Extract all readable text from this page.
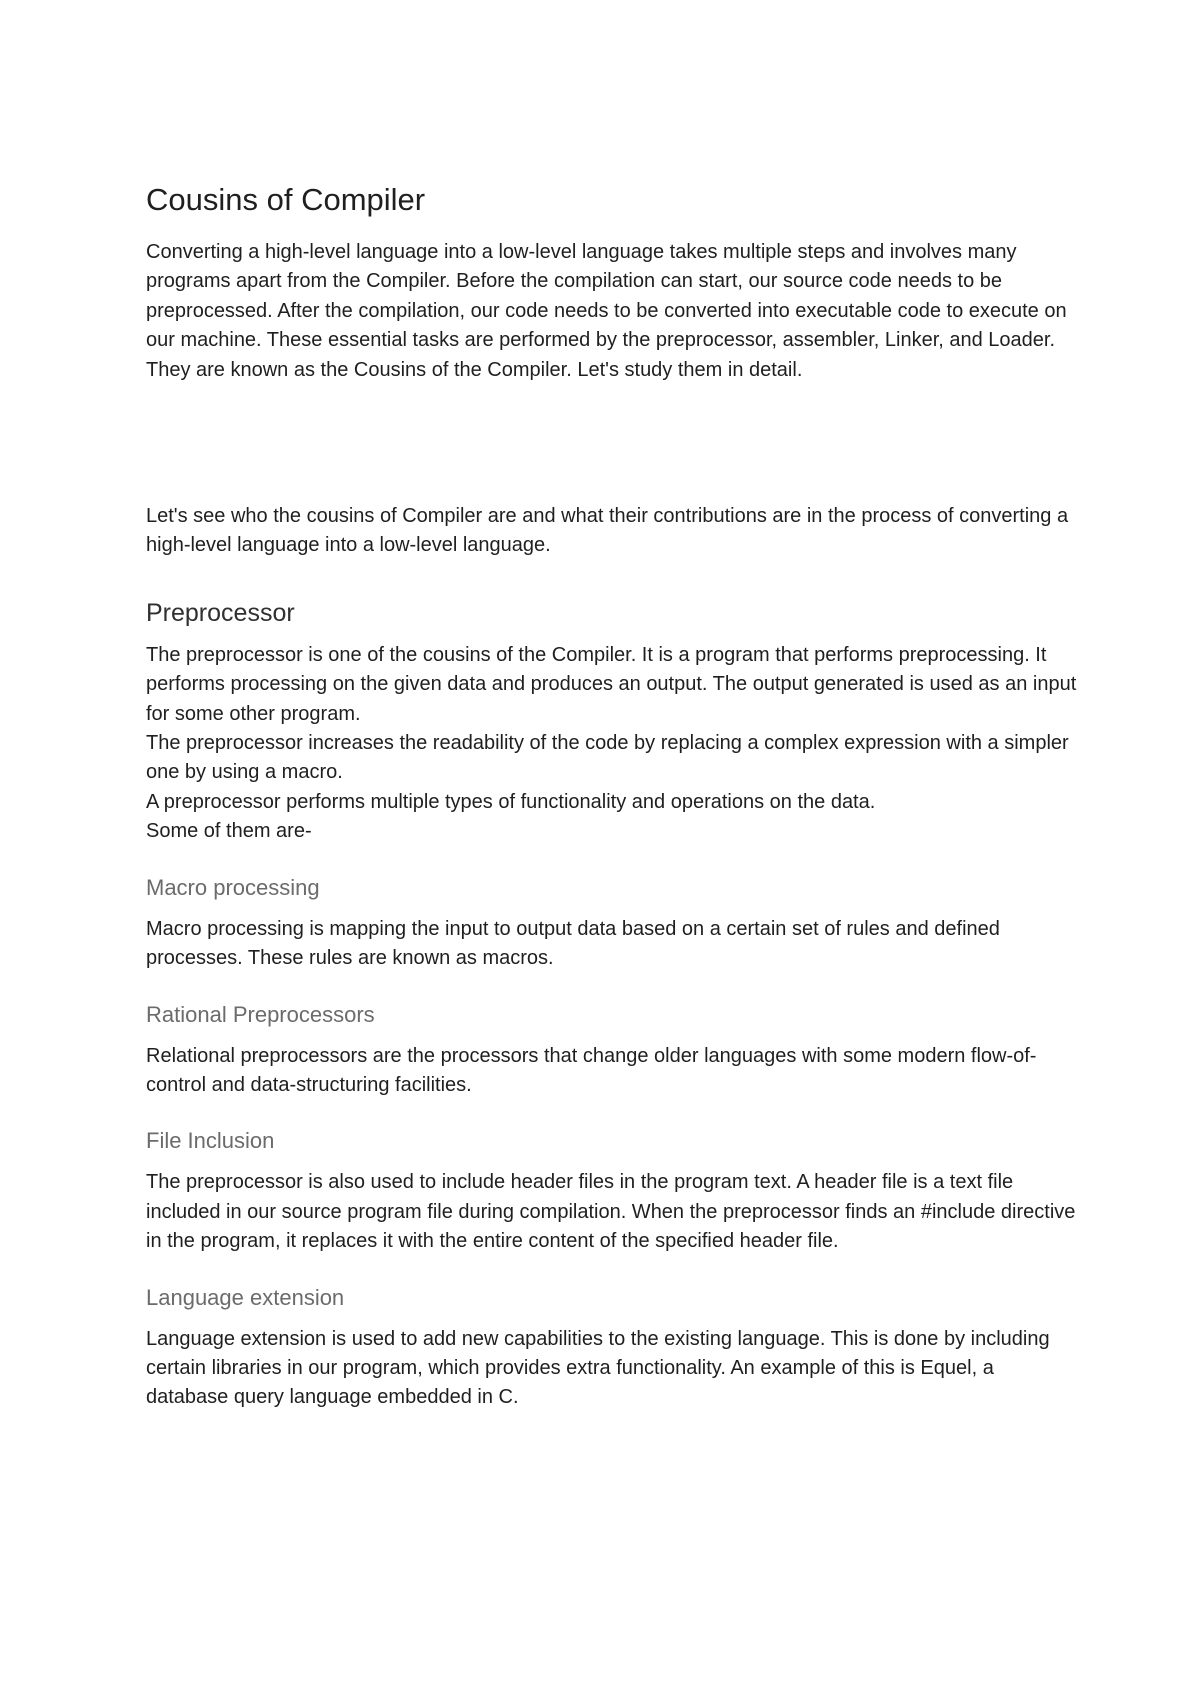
Cousins of Compiler

Converting a high-level language into a low-level language takes multiple steps and involves many programs apart from the Compiler. Before the compilation can start, our source code needs to be preprocessed. After the compilation, our code needs to be converted into executable code to execute on our machine. These essential tasks are performed by the preprocessor, assembler, Linker, and Loader. They are known as the Cousins of the Compiler. Let's study them in detail.

Let's see who the cousins of Compiler are and what their contributions are in the process of converting a high-level language into a low-level language.

Preprocessor

The preprocessor is one of the cousins of the Compiler. It is a program that performs preprocessing. It performs processing on the given data and produces an output. The output generated is used as an input for some other program.
The preprocessor increases the readability of the code by replacing a complex expression with a simpler one by using a macro.
A preprocessor performs multiple types of functionality and operations on the data.
Some of them are-

Macro processing

Macro processing is mapping the input to output data based on a certain set of rules and defined processes. These rules are known as macros.

Rational Preprocessors

Relational preprocessors are the processors that change older languages with some modern flow-of-control and data-structuring facilities.

File Inclusion

The preprocessor is also used to include header files in the program text. A header file is a text file included in our source program file during compilation. When the preprocessor finds an #include directive in the program, it replaces it with the entire content of the specified header file.

Language extension

Language extension is used to add new capabilities to the existing language. This is done by including certain libraries in our program, which provides extra functionality. An example of this is Equel, a database query language embedded in C.
